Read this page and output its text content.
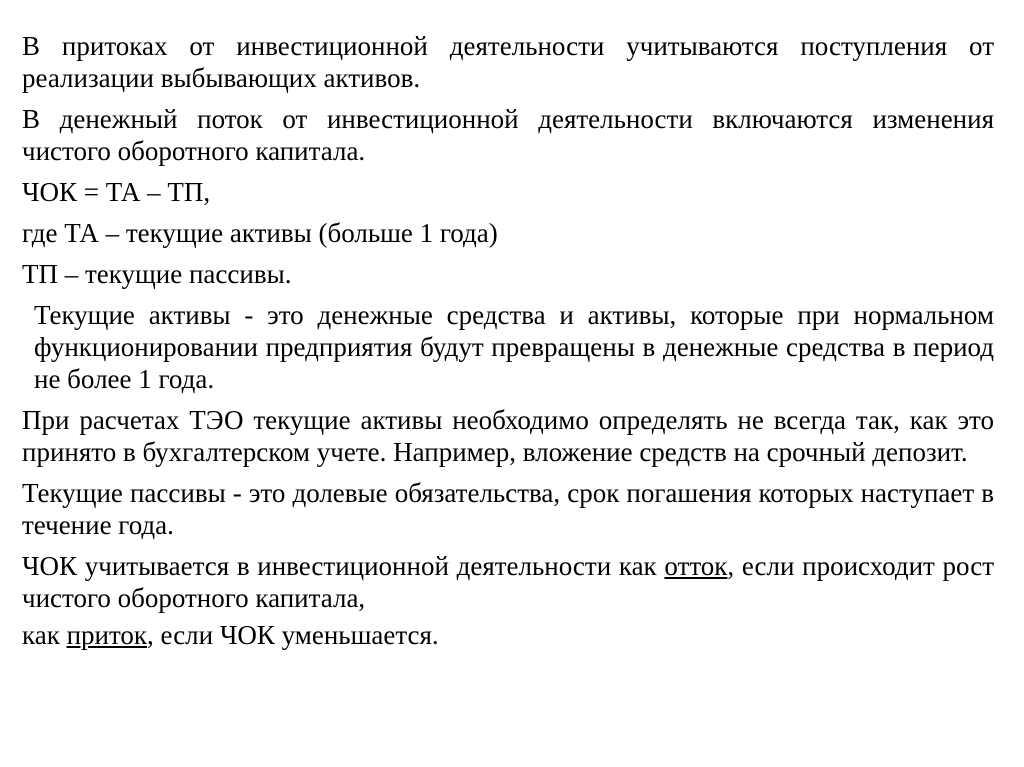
В притоках от инвестиционной деятельности учитываются поступления от реализации выбывающих активов.

В денежный поток от инвестиционной деятельности включаются изменения чистого оборотного капитала.

ЧОК = ТА – ТП,

где ТА – текущие активы (больше 1 года)

ТП – текущие пассивы.

Текущие активы - это денежные средства и активы, которые при нормальном функционировании предприятия будут превращены в денежные средства в период не более 1 года.

При расчетах ТЭО текущие активы необходимо определять не всегда так, как это принято в бухгалтерском учете. Например, вложение средств на срочный депозит.

Текущие пассивы - это долевые обязательства, срок погашения которых наступает в течение года.

ЧОК учитывается в инвестиционной деятельности как отток, если происходит рост чистого оборотного капитала,

как приток, если ЧОК уменьшается.
